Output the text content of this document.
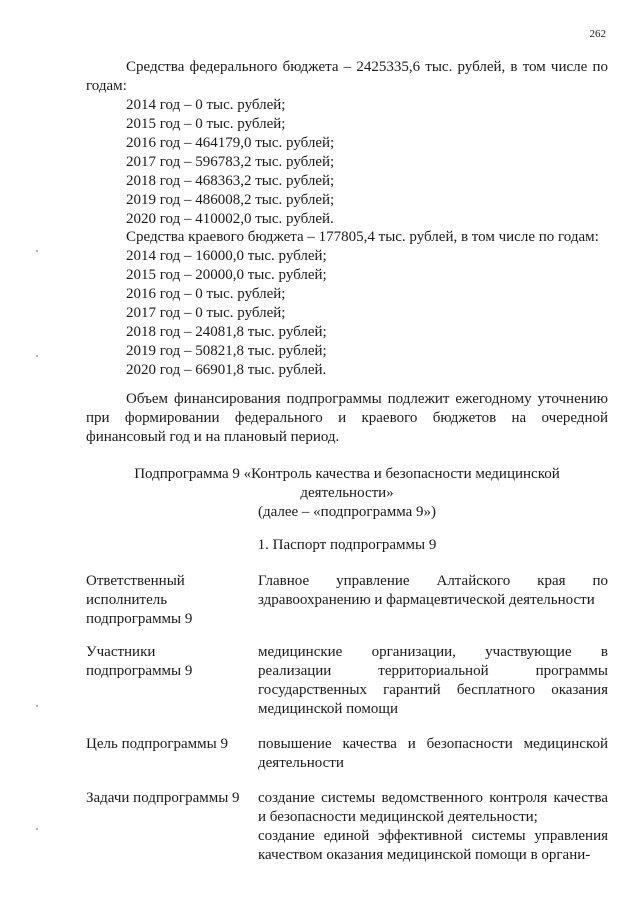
262

Средства федерального бюджета – 2425335,6 тыс. рублей, в том числе по годам:

2014 год – 0 тыс. рублей;

2015 год – 0 тыс. рублей;

2016 год – 464179,0 тыс. рублей;

2017 год – 596783,2 тыс. рублей;

2018 год – 468363,2 тыс. рублей;

2019 год – 486008,2 тыс. рублей;

2020 год – 410002,0 тыс. рублей.

Средства краевого бюджета – 177805,4 тыс. рублей, в том числе по годам:

2014 год – 16000,0 тыс. рублей;

2015 год – 20000,0 тыс. рублей;

2016 год – 0 тыс. рублей;

2017 год – 0 тыс. рублей;

2018 год – 24081,8 тыс. рублей;

2019 год – 50821,8 тыс. рублей;

2020 год – 66901,8 тыс. рублей.

Объем финансирования подпрограммы подлежит ежегодному уточнению при формировании федерального и краевого бюджетов на очередной финансовый год и на плановый период.

Подпрограмма 9 «Контроль качества и безопасности медицинской
деятельности»
(далее – «подпрограмма 9»)
1. Паспорт подпрограммы 9
Ответственный исполнитель подпрограммы 9
Главное управление Алтайского края по здравоохранению и фармацевтической деятельности
Участники подпрограммы 9
медицинские организации, участвующие в реализации территориальной программы государственных гарантий бесплатного оказания медицинской помощи
Цель подпрограммы 9	повышение качества и безопасности медицинской деятельности
Задачи подпрограммы 9 создание системы ведомственного контроля качества и безопасности медицинской деятельности;

создание единой эффективной системы управления качеством оказания медицинской помощи в органи-
